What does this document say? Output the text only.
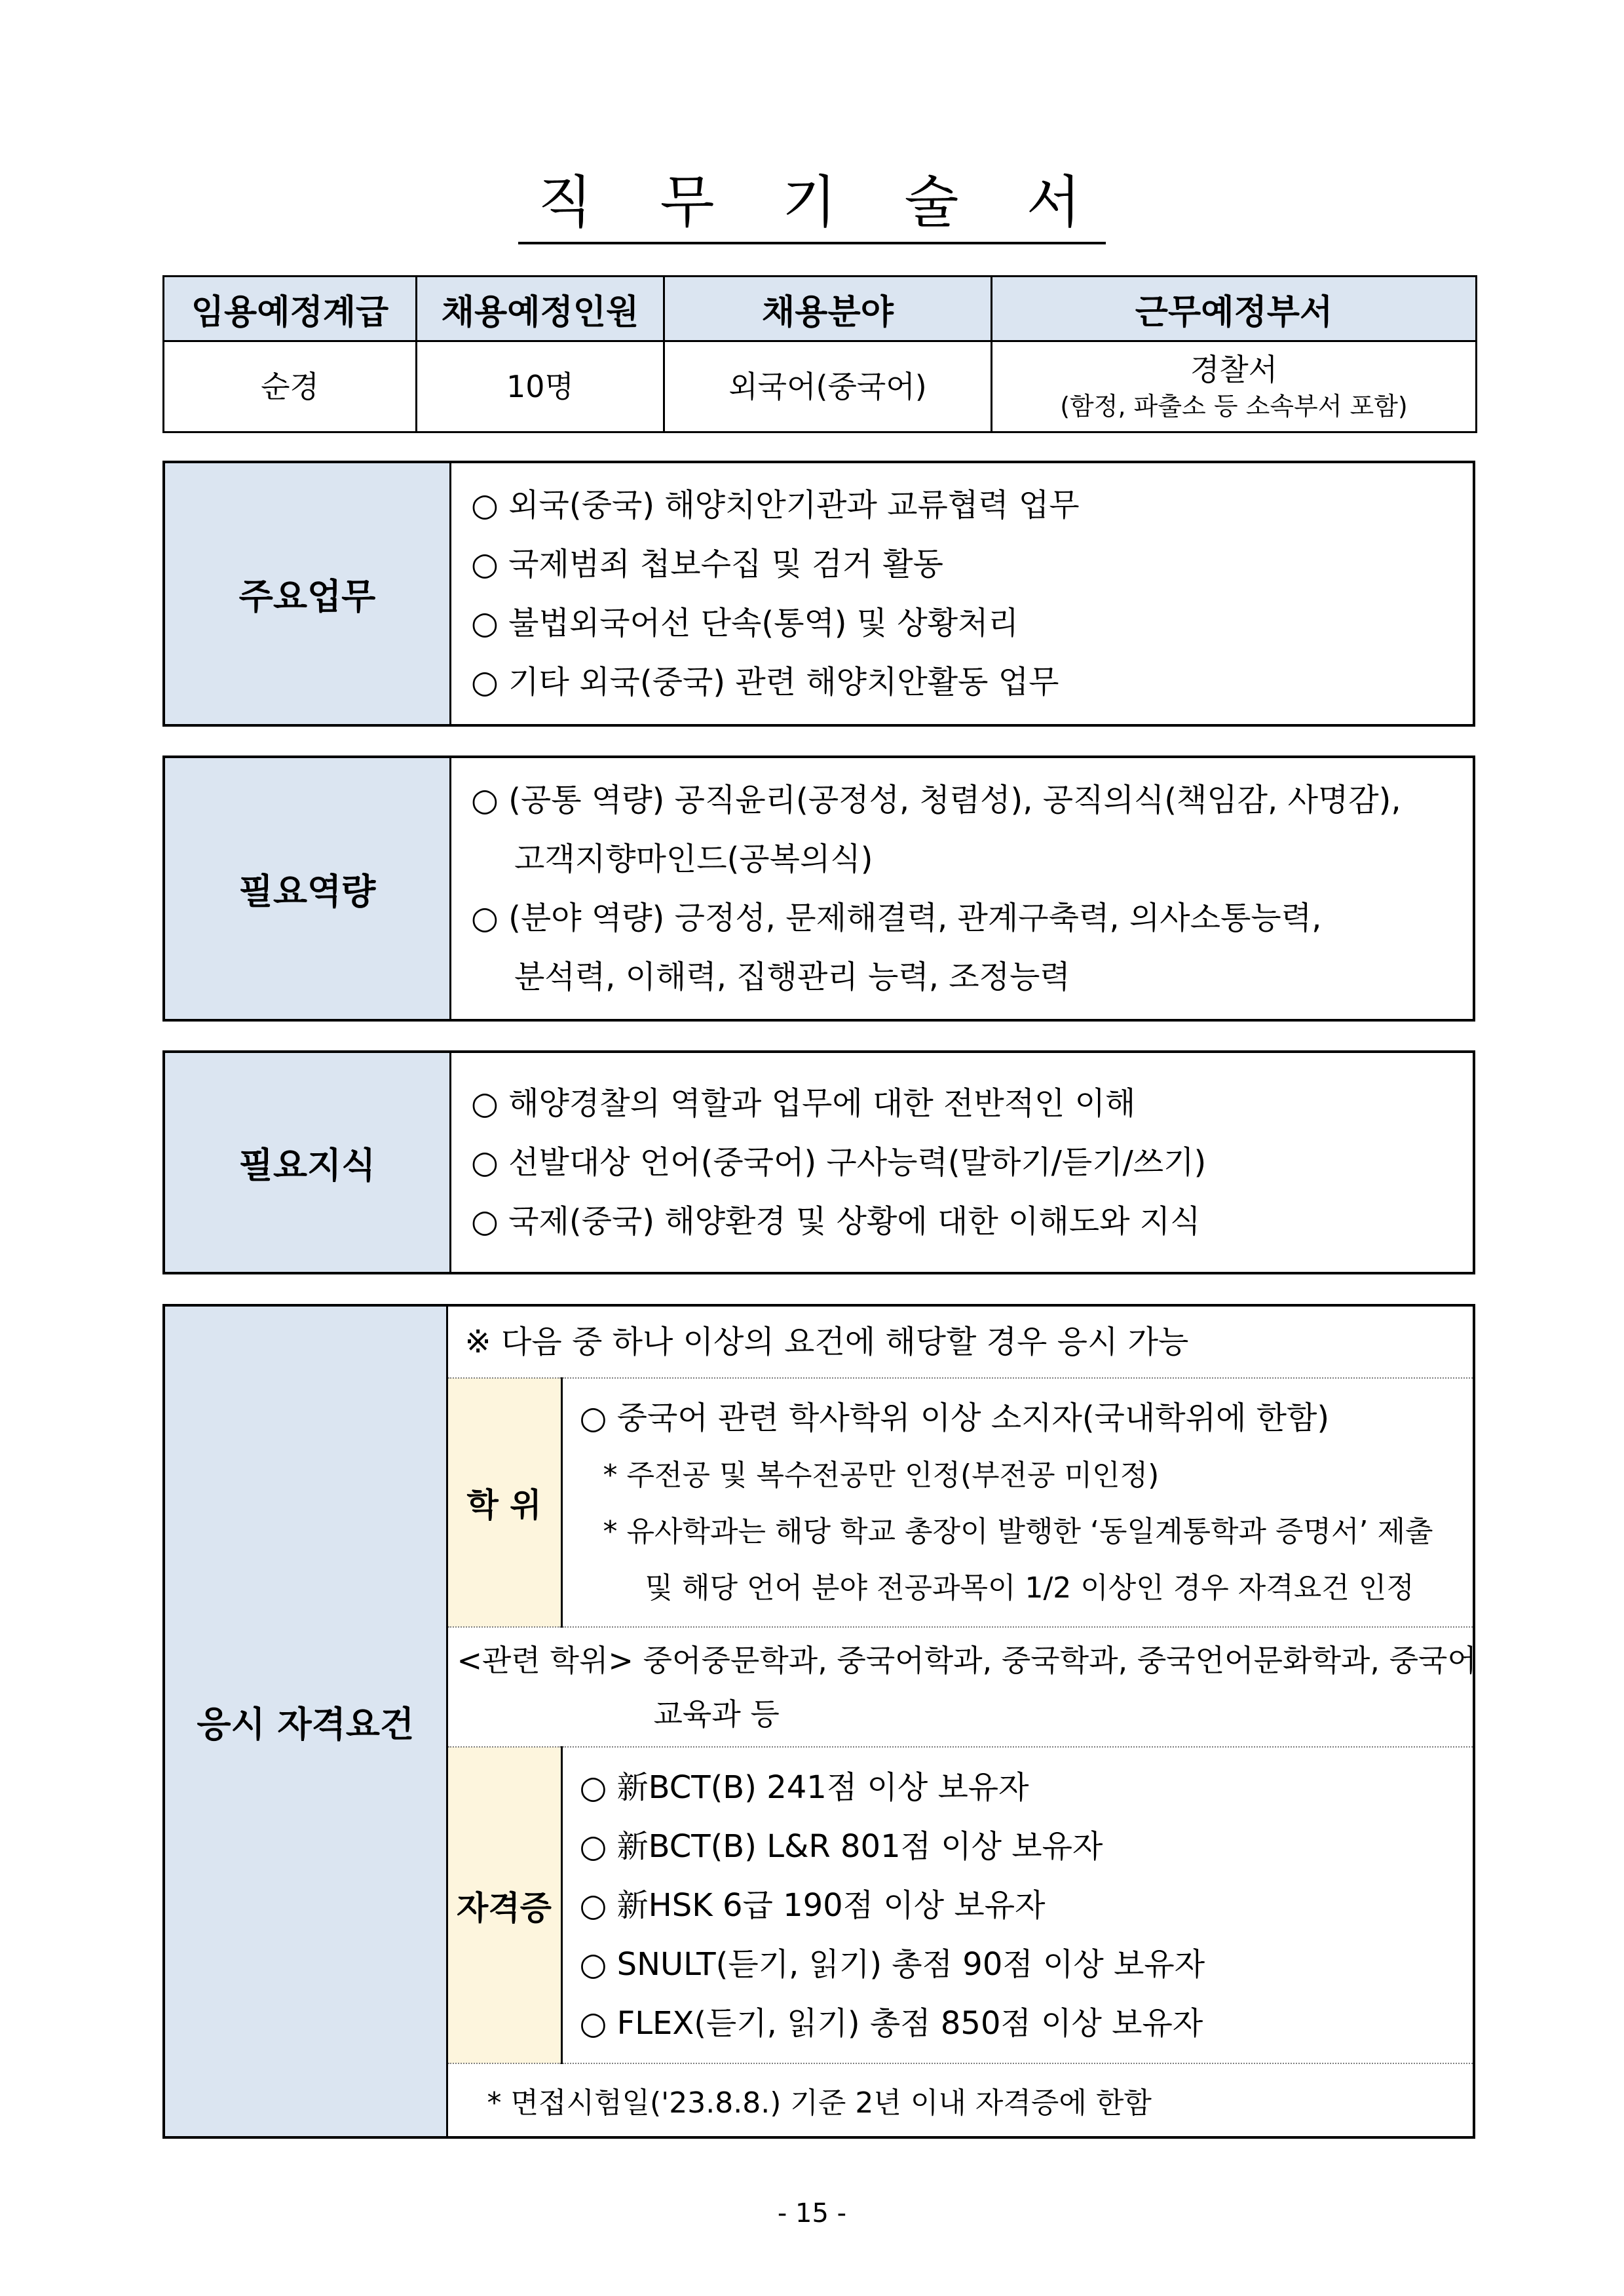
직 무 기 술 서
임용예정계급	채용예정인원	채용분야	근무예정부서
순경	10명	외국어(중국어)	경찰서
(함정, 파출소 등 소속부서 포함)
주요업무	
○ 외국(중국) 해양치안기관과 교류협력 업무
○ 국제범죄 첩보수집 및 검거 활동
○ 불법외국어선 단속(통역) 및 상황처리
○ 기타 외국(중국) 관련 해양치안활동 업무
필요역량	
○ (공통 역량) 공직윤리(공정성, 청렴성), 공직의식(책임감, 사명감),
고객지향마인드(공복의식)
○ (분야 역량) 긍정성, 문제해결력, 관계구축력, 의사소통능력,
분석력, 이해력, 집행관리 능력, 조정능력
필요지식	
○ 해양경찰의 역할과 업무에 대한 전반적인 이해
○ 선발대상 언어(중국어) 구사능력(말하기/듣기/쓰기)
○ 국제(중국) 해양환경 및 상황에 대한 이해도와 지식
응시 자격요건	※ 다음 중 하나 이상의 요건에 해당할 경우 응시 가능	
	학 위	○ 중국어 관련 학사학위 이상 소지자(국내학위에 한함)
* 주전공 및 복수전공만 인정(부전공 미인정)
* 유사학과는 해당 학교 총장이 발행한 ‘동일계통학과 증명서’ 제출
및 해당 언어 분야 전공과목이 1/2 이상인 경우 자격요건 인정

	<관련 학위> 중어중문학과, 중국어학과, 중국학과, 중국언어문화학과, 중국어
교육과 등	

	자격증	○ 新BCT(B) 241점 이상 보유자
○ 新BCT(B) L&R 801점 이상 보유자
○ 新HSK 6급 190점 이상 보유자
○ SNULT(듣기, 읽기) 총점 90점 이상 보유자
○ FLEX(듣기, 읽기) 총점 850점 이상 보유자

	* 면접시험일('23.8.8.) 기준 2년 이내 자격증에 한함	
- 15 -
